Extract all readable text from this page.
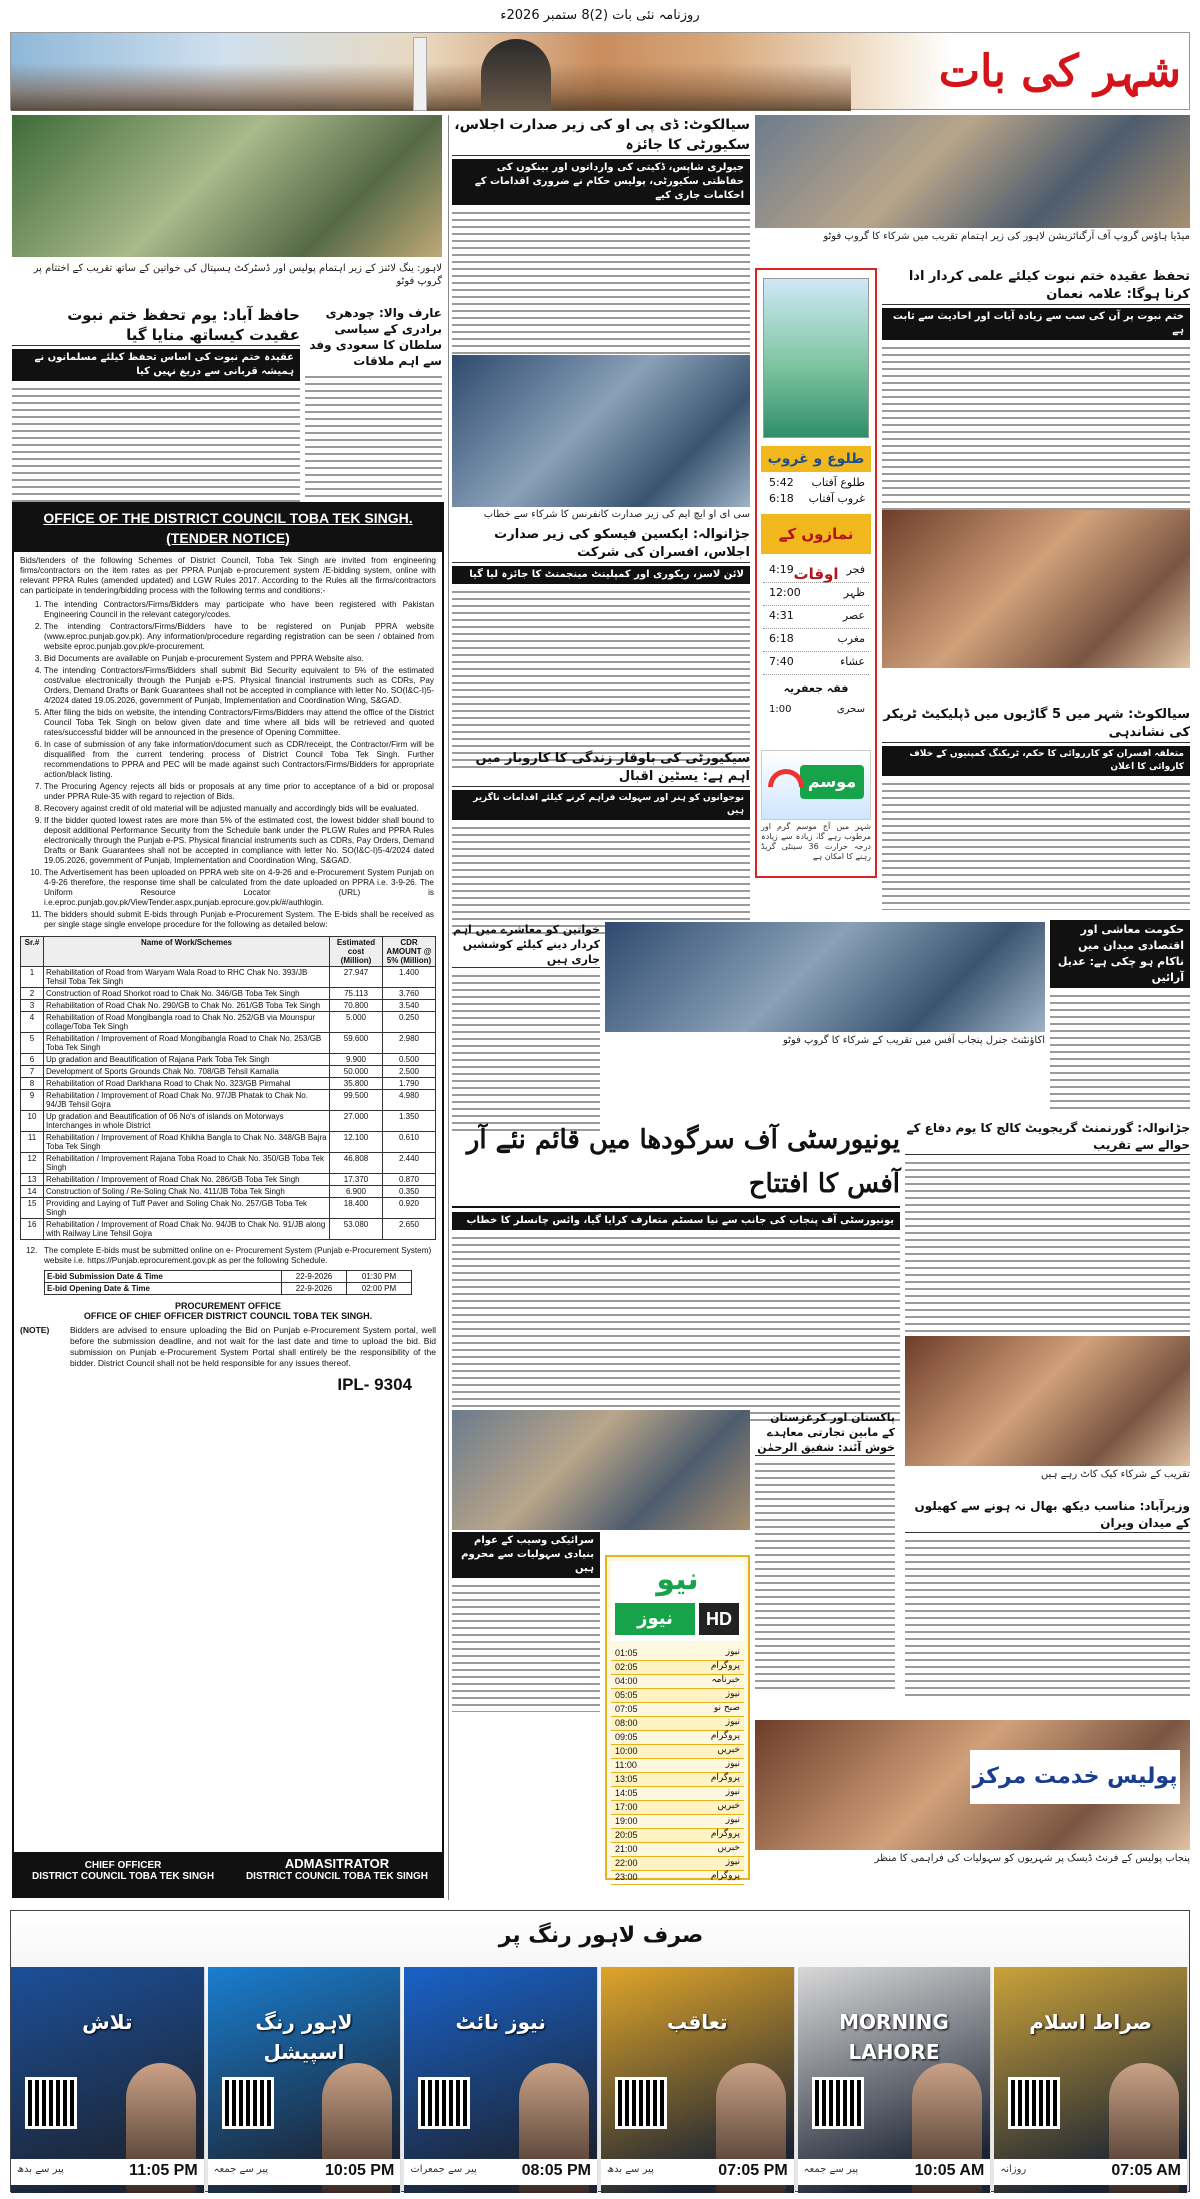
روزنامہ نئی بات (2)8 ستمبر 2026ء
شہر کی بات
لاہور: ینگ لائنز کے زیر اہتمام پولیس اور ڈسٹرکٹ ہسپتال کی خواتین کے ساتھ تقریب کے اختتام پر گروپ فوٹو
عارف والا: چودھری برادری کے سیاسی سلطان کا سعودی وفد سے اہم ملاقات
حافظ آباد: یوم تحفظ ختم نبوت عقیدت کیساتھ منایا گیا
عقیدہ ختم نبوت کی اساس تحفظ کیلئے مسلمانوں نے ہمیشہ قربانی سے دریغ نہیں کیا
OFFICE OF THE DISTRICT COUNCIL TOBA TEK SINGH.
(TENDER NOTICE)
Bids/tenders of the following Schemes of District Council, Toba Tek Singh are invited from engineering firms/contractors on the item rates as per PPRA Punjab e-procurement system /E-bidding system, online with relevant PPRA Rules (amended updated) and LGW Rules 2017. According to the Rules all the firms/contractors can participate in tendering/bidding process with the following terms and conditions:-
1. The intending Contractors/Firms/Bidders may participate who have been registered with Pakistan Engineering Council in the relevant category/codes.
2. The intending Contractors/Firms/Bidders have to be registered on Punjab PPRA website (www.eproc.punjab.gov.pk). Any information/procedure regarding registration can be seen / obtained from website eproc.punjab.gov.pk/e-procurement.
3. Bid Documents are available on Punjab e-procurement System and PPRA Website also.
4. The intending Contractors/Firms/Bidders shall submit Bid Security equivalent to 5% of the estimated cost/value electronically through the Punjab e-PS. Physical financial instruments such as CDRs, Pay Orders, Demand Drafts or Bank Guarantees shall not be accepted in compliance with letter No. SO(I&C-I)5-4/2024 dated 19.05.2026, government of Punjab, Implementation and Coordination Wing, S&GAD.
5. After filing the bids on website, the intending Contractors/Firms/Bidders may attend the office of the District Council Toba Tek Singh on below given date and time where all bids will be retrieved and quoted rates/successful bidder will be announced in the presence of Opening Committee.
6. In case of submission of any fake information/document such as CDR/receipt, the Contractor/Firm will be disqualified from the current tendering process of District Council Toba Tek Singh. Further recommendations to PPRA and PEC will be made against such Contractors/Firms/Bidders for appropriate action/black listing.
7. The Procuring Agency rejects all bids or proposals at any time prior to acceptance of a bid or proposal under PPRA Rule-35 with regard to rejection of Bids.
8. Recovery against credit of old material will be adjusted manually and accordingly bids will be evaluated.
9. If the bidder quoted lowest rates are more than 5% of the estimated cost, the lowest bidder shall bound to deposit additional Performance Security from the Schedule bank under the PLGW Rules and PPRA Rules electronically through the Punjab e-PS. Physical financial instruments such as CDRs, Pay Orders, Demand Drafts or Bank Guarantees shall not be accepted in compliance with letter No. SO(I&C-I)5-4/2024 dated 19.05.2026, government of Punjab, Implementation and Coordination Wing, S&GAD.
10. The Advertisement has been uploaded on PPRA web site on 4-9-26 and e-Procurement System Punjab on 4-9-26 therefore, the response time shall be calculated from the date uploaded on PPRA i.e. 3-9-26. The Uniform Resource Locator (URL) is i.e.eproc.punjab.gov.pk/ViewTender.aspx,punjab.eprocure.gov.pk/#/authlogin.
11. The bidders should submit E-bids through Punjab e-Procurement System. The E-bids shall be received as per single stage single envelope procedure for the following as detailed below:
Sr.#	Name of Work/Schemes	Estimated cost (Million)	CDR AMOUNT @ 5% (Million)
1	Rehabilitation of Road from Waryam Wala Road to RHC Chak No. 393/JB Tehsil Toba Tek Singh	27.947	1.400
2	Construction of Road Shorkot road to Chak No. 346/GB Toba Tek Singh	75.113	3.760
3	Rehabilitation of Road Chak No. 290/GB to Chak No. 261/GB Toba Tek Singh	70.800	3.540
4	Rehabilitation of Road Mongibangla road to Chak No. 252/GB via Mounspur collage/Toba Tek Singh	5.000	0.250
5	Rehabilitation / Improvement of Road Mongibangla Road to Chak No. 253/GB Toba Tek Singh	59.600	2.980
6	Up gradation and Beautification of Rajana Park Toba Tek Singh	9.900	0.500
7	Development of Sports Grounds Chak No. 708/GB Tehsil Kamalia	50.000	2.500
8	Rehabilitation of Road Darkhana Road to Chak No. 323/GB Pirmahal	35.800	1.790
9	Rehabilitation / Improvement of Road Chak No. 97/JB Phatak to Chak No. 94/JB Tehsil Gojra	99.500	4.980
10	Up gradation and Beautification of 06 No's of islands on Motorways Interchanges in whole District	27.000	1.350
11	Rehabilitation / Improvement of Road Khikha Bangla to Chak No. 348/GB Bajra Toba Tek Singh	12.100	0.610
12	Rehabilitation / Improvement Rajana Toba Road to Chak No. 350/GB Toba Tek Singh	46.808	2.440
13	Rehabilitation / Improvement of Road Chak No. 286/GB Toba Tek Singh	17.370	0.870
14	Construction of Soling / Re-Soling Chak No. 411/JB Toba Tek Singh	6.900	0.350
15	Providing and Laying of Tuff Paver and Soling Chak No. 257/GB Toba Tek Singh	18.400	0.920
16	Rehabilitation / Improvement of Road Chak No. 94/JB to Chak No. 91/JB along with Railway Line Tehsil Gojra	53.080	2.650
12. The complete E-bids must be submitted online on e- Procurement System (Punjab e-Procurement System) website i.e. https://Punjab.eprocurement.gov.pk as per the following Schedule.
E-bid Submission Date & Time	22-9-2026	01:30 PM
E-bid Opening Date & Time	22-9-2026	02:00 PM
PROCUREMENT OFFICE
OFFICE OF CHIEF OFFICER DISTRICT COUNCIL TOBA TEK SINGH.
(NOTE)	Bidders are advised to ensure uploading the Bid on Punjab e-Procurement System portal, well before the submission deadline, and not wait for the last date and time to upload the bid. Bid submission on Punjab e-Procurement System Portal shall entirely be the responsibility of the bidder. District Council shall not be held responsible for any issues thereof.
IPL- 9304
CHIEF OFFICER
DISTRICT COUNCIL TOBA TEK SINGH
ADMASITRATOR
DISTRICT COUNCIL TOBA TEK SINGH
سیالکوٹ: ڈی پی او کی زیر صدارت اجلاس، سکیورٹی کا جائزہ
جیولری شاپس، ڈکیتی کی وارداتوں اور بینکوں کی حفاظتی سکیورٹی، پولیس حکام نے ضروری اقدامات کے احکامات جاری کیے
سی ای او ایچ ایم کی زیر صدارت کانفرنس کا شرکاء سے خطاب
طلوع و غروب
5:42 طلوع آفتاب
6:18 غروب آفتاب
نمازوں کے اوقات
4:19	فجر
12:00	ظہر
4:31	عصر
6:18	مغرب
7:40	عشاء
فقہ جعفریہ
1:00	سحری
موسم
شہر میں آج موسم گرم اور مرطوب رہے گا، زیادہ سے زیادہ درجہ حرارت 36 سینٹی گریڈ رہنے کا امکان ہے
جڑانوالہ: ایکسین فیسکو کی زیر صدارت اجلاس، افسران کی شرکت
لائن لاسز، ریکوری اور کمپلینٹ مینجمنٹ کا جائزہ لیا گیا
سیکیورٹی کی باوقار زندگی کا کاروبار میں اہم ہے: یسٹین اقبال
نوجوانوں کو ہنر اور سہولت فراہم کرنے کیلئے اقدامات ناگزیر ہیں
خواتین کو معاشرے میں اہم کردار دینے کیلئے کوششیں جاری ہیں
میڈیا ہاؤس گروپ آف آرگنائزیشن لاہور کی زیر اہتمام تقریب میں شرکاء کا گروپ فوٹو
تحفظ عقیدہ ختم نبوت کیلئے علمی کردار ادا کرنا ہوگا: علامہ نعمان
ختم نبوت پر آن کی سب سے زیادہ آیات اور احادیث سے ثابت ہے
سیالکوٹ: شہر میں 5 گاڑیوں میں ڈپلیکیٹ ٹریکر کی نشاندہی
متعلقہ افسران کو کارروائی کا حکم، ٹریکنگ کمپنیوں کے خلاف کاروائی کا اعلان
حکومت معاشی اور اقتصادی میدان میں ناکام ہو چکی ہے: عدیل آرائیں
اکاؤنٹنٹ جنرل پنجاب آفس میں تقریب کے شرکاء کا گروپ فوٹو
یونیورسٹی آف سرگودھا میں قائم نئے آر آفس کا افتتاح
یونیورسٹی آف پنجاب کی جانب سے نیا سسٹم متعارف کرایا گیا، وائس چانسلر کا خطاب
جڑانوالہ: گورنمنٹ گریجویٹ کالج کا یوم دفاع کے حوالے سے تقریب
تقریب کے شرکاء کیک کاٹ رہے ہیں
سرائیکی وسیب کے عوام بنیادی سہولیات سے محروم ہیں
پاکستان اور کرغزستان کے مابین تجارتی معاہدے خوش آئند: شفیق الرحمٰن
وزیرآباد: مناسب دیکھ بھال نہ ہونے سے کھیلوں کے میدان ویران
نیو
نیوز	HD
01:05	نیوز
02:05	پروگرام
04:00	خبرنامہ
05:05	نیوز
07:05	صبح نو
08:00	نیوز
09:05	پروگرام
10:00	خبریں
11:00	نیوز
13:05	پروگرام
14:05	نیوز
17:00	خبریں
19:00	نیوز
20:05	پروگرام
21:00	خبریں
22:00	نیوز
23:00	پروگرام
پولیس خدمت مرکز
پنجاب پولیس کے فرنٹ ڈیسک پر شہریوں کو سہولیات کی فراہمی کا منظر
صرف لاہور رنگ پر
صراط اسلام
روزانہ	07:05 AM
MORNING LAHORE
پیر سے جمعہ	10:05 AM
تعاقب
پیر سے بدھ	07:05 PM
نیوز نائٹ
پیر سے جمعرات	08:05 PM
لاہور رنگ اسپیشل
پیر سے جمعہ	10:05 PM
تلاش
پیر سے بدھ	11:05 PM
